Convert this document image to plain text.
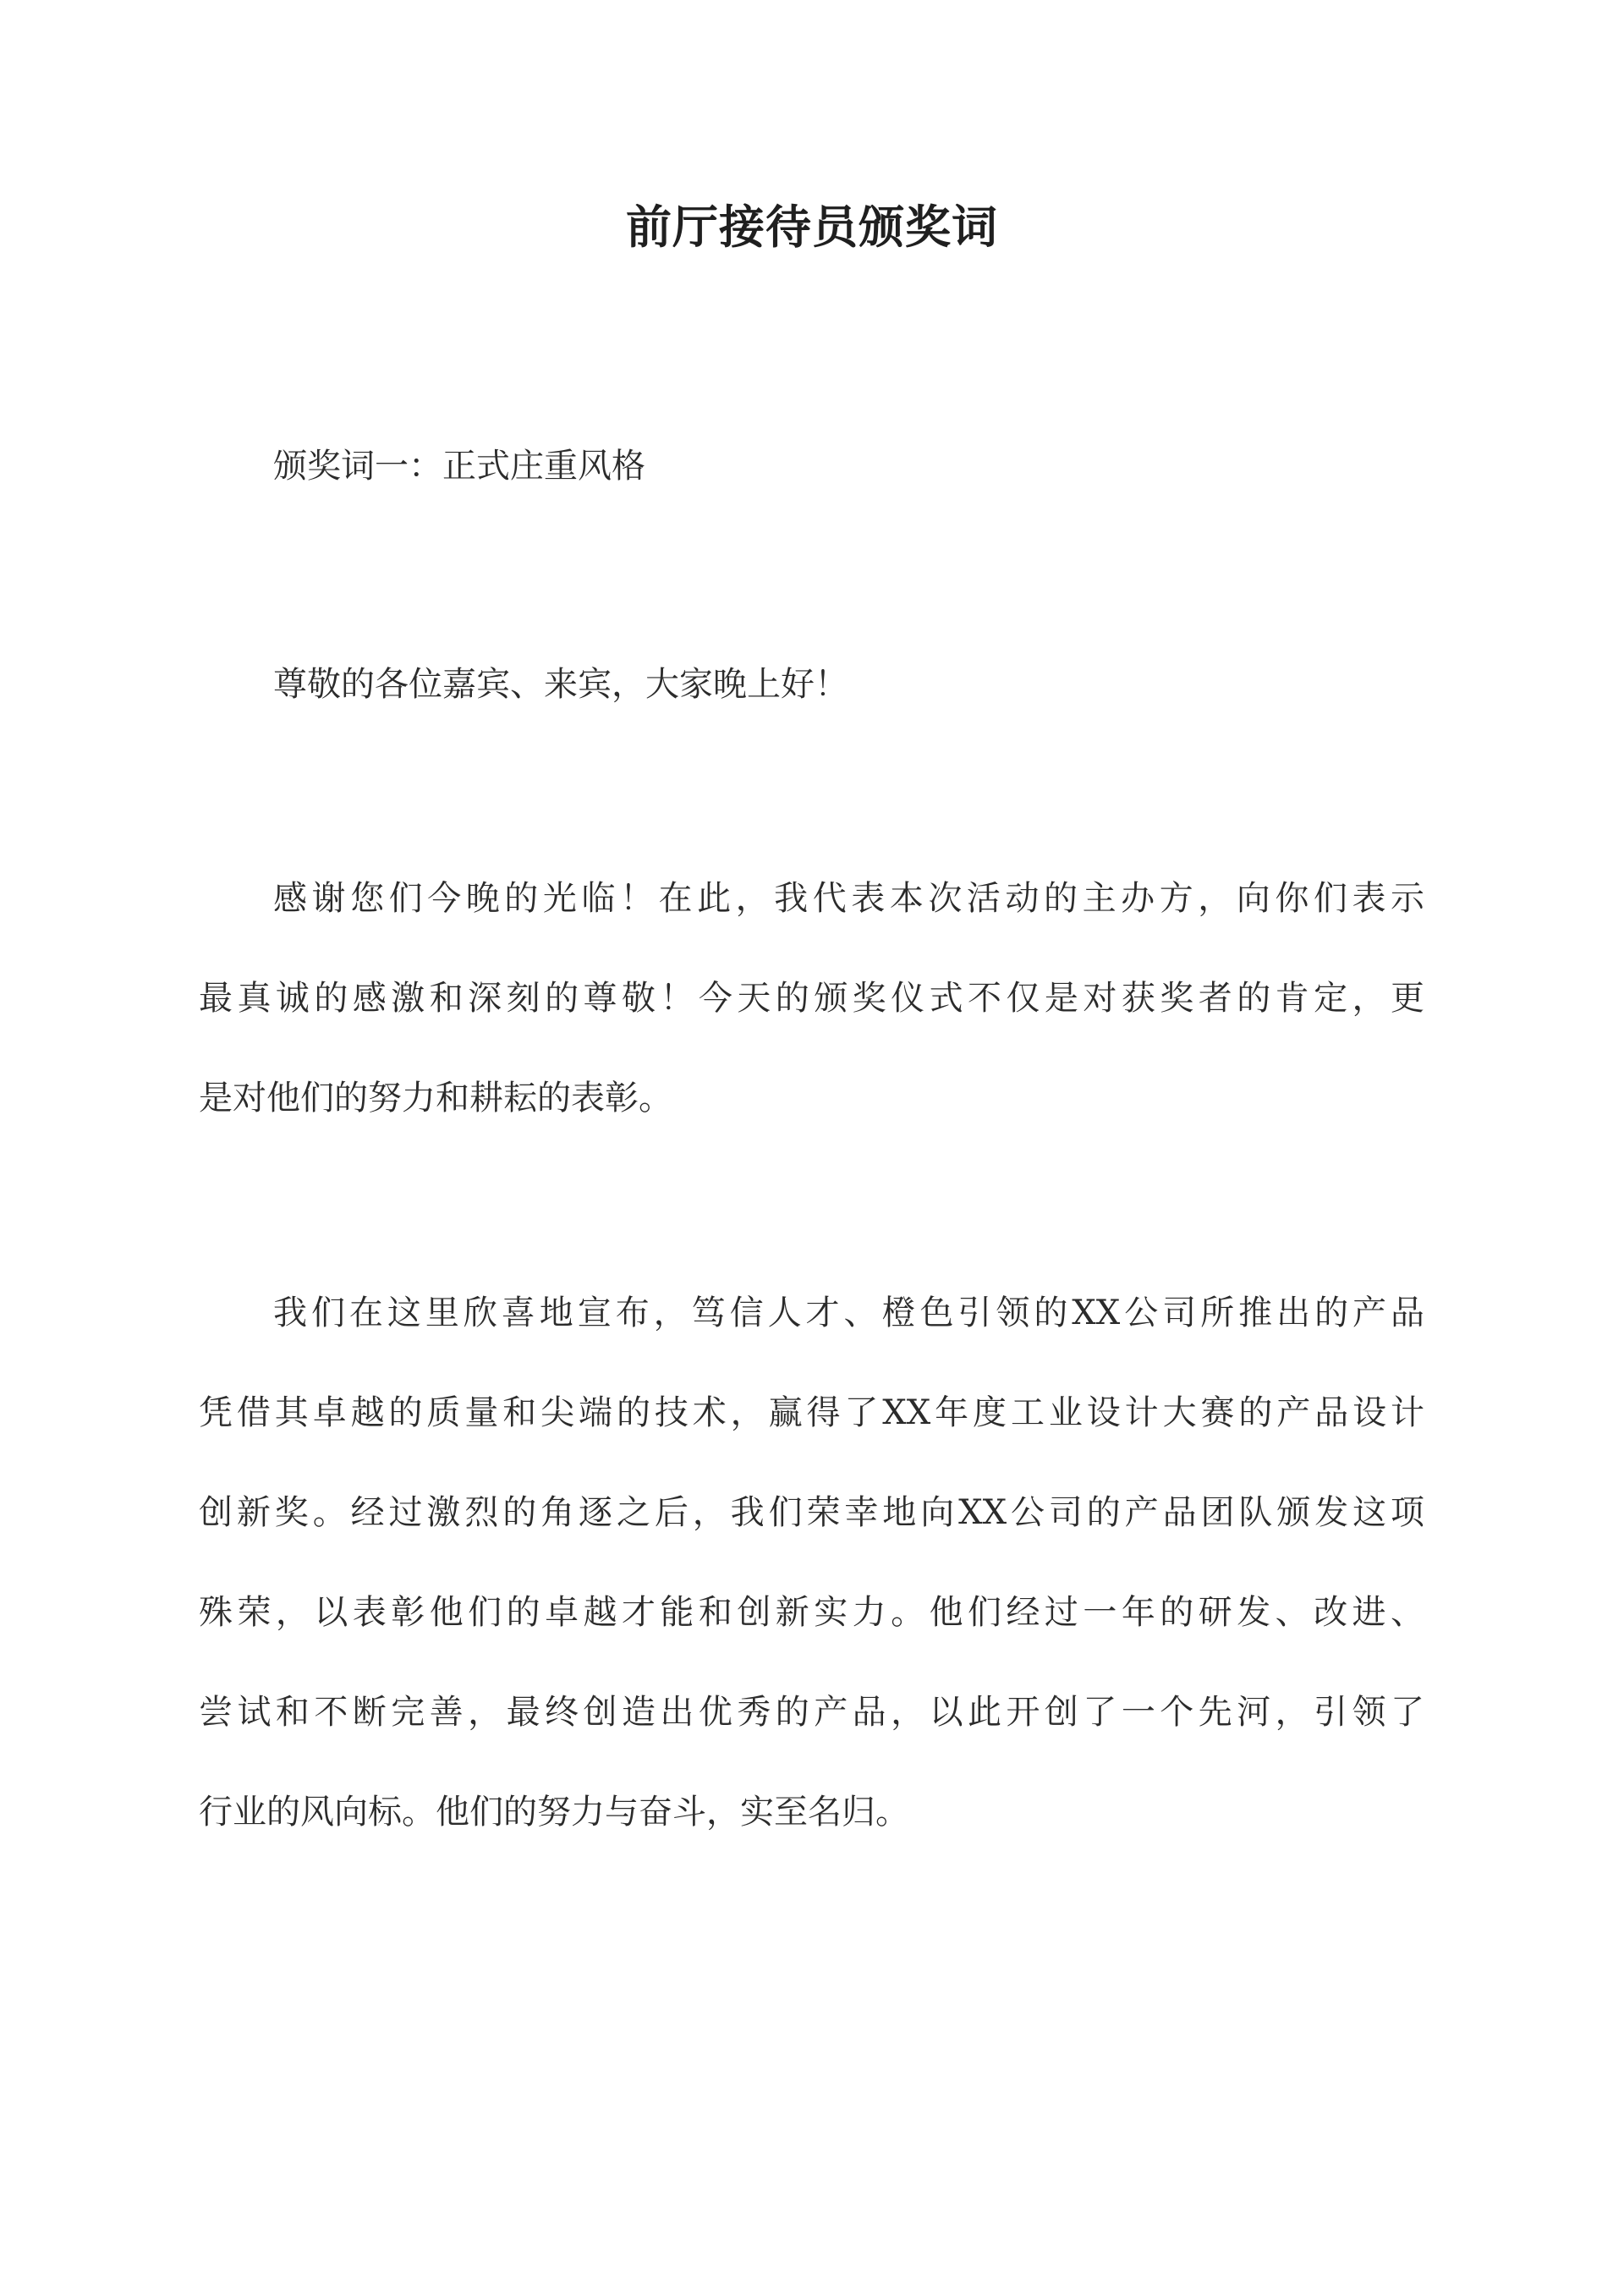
前厅接待员颁奖词
颁奖词一：正式庄重风格
尊敬的各位嘉宾、来宾，大家晚上好！
感谢您们今晚的光临！在此，我代表本次活动的主办方，向你们表示
最真诚的感激和深刻的尊敬！今天的颁奖仪式不仅是对获奖者的肯定，更
是对他们的努力和耕耘的表彰。
我们在这里欣喜地宣布，笃信人才、橙色引领的XX公司所推出的产品
凭借其卓越的质量和尖端的技术，赢得了XX年度工业设计大赛的产品设计
创新奖。经过激烈的角逐之后，我们荣幸地向XX公司的产品团队颁发这项
殊荣，以表彰他们的卓越才能和创新实力。他们经过一年的研发、改进、
尝试和不断完善，最终创造出优秀的产品，以此开创了一个先河，引领了
行业的风向标。他们的努力与奋斗，实至名归。
